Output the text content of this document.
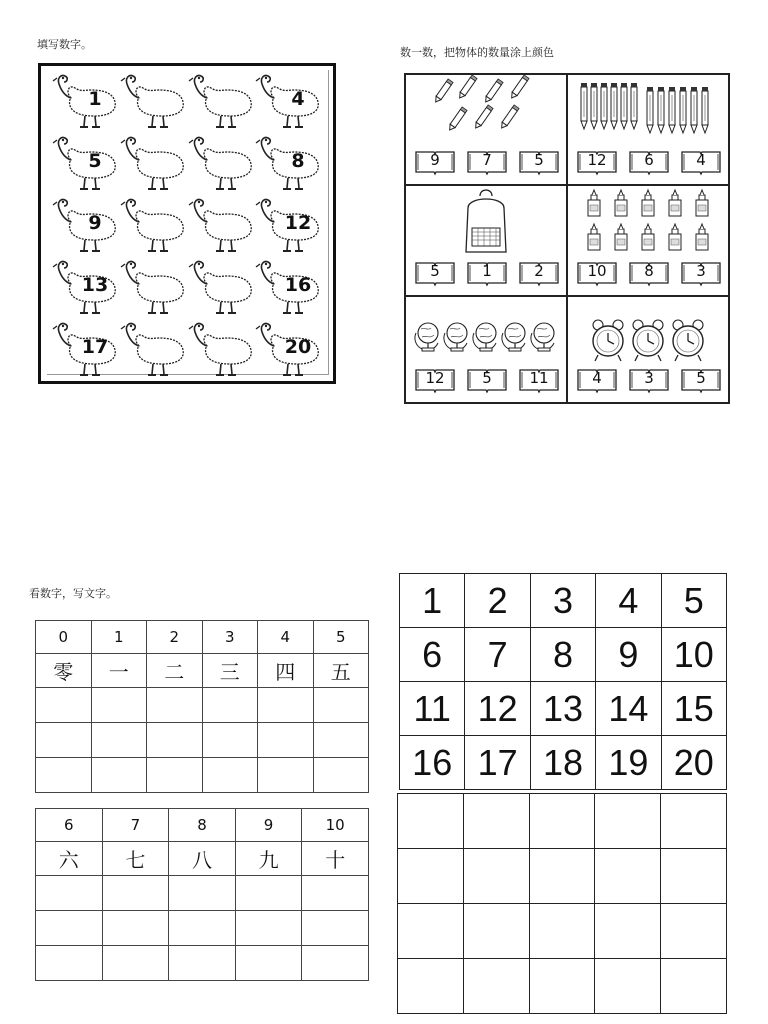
填写数字。
数一数，把物体的数量涂上颜色
看数字，写文字。
1	4
5	8
9	12
13	16
17	20
9	7	5	12	6	4
5	1	2	10	8	3
12	5	11	4	3	5
0	1	2	3	4	5
零	一	二	三	四	五

6	7	8	9	10
六	七	八	九	十

1	2	3	4	5
6	7	8	9	10
11	12	13	14	15
16	17	18	19	20
